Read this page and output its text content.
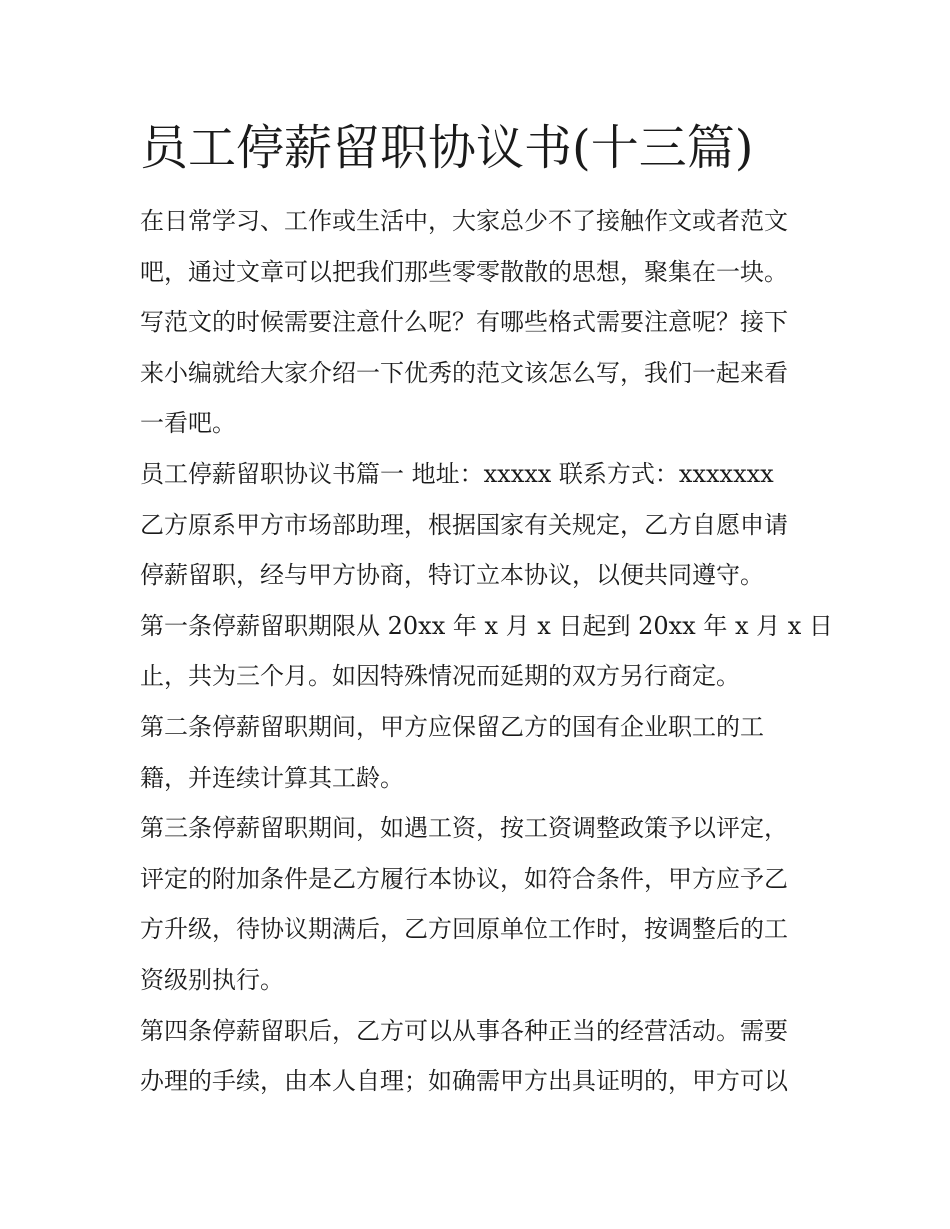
员工停薪留职协议书(十三篇)
在日常学习、工作或生活中，大家总少不了接触作文或者范文
吧，通过文章可以把我们那些零零散散的思想，聚集在一块。
写范文的时候需要注意什么呢？有哪些格式需要注意呢？接下
来小编就给大家介绍一下优秀的范文该怎么写，我们一起来看
一看吧。
员工停薪留职协议书篇一 地址：xxxxx 联系方式：xxxxxxx
乙方原系甲方市场部助理，根据国家有关规定，乙方自愿申请
停薪留职，经与甲方协商，特订立本协议，以便共同遵守。
第一条停薪留职期限从 20xx 年 x 月 x 日起到 20xx 年 x 月 x 日
止，共为三个月。如因特殊情况而延期的双方另行商定。
第二条停薪留职期间，甲方应保留乙方的国有企业职工的工
籍，并连续计算其工龄。
第三条停薪留职期间，如遇工资，按工资调整政策予以评定，
评定的附加条件是乙方履行本协议，如符合条件，甲方应予乙
方升级，待协议期满后，乙方回原单位工作时，按调整后的工
资级别执行。
第四条停薪留职后，乙方可以从事各种正当的经营活动。需要
办理的手续，由本人自理；如确需甲方出具证明的，甲方可以
